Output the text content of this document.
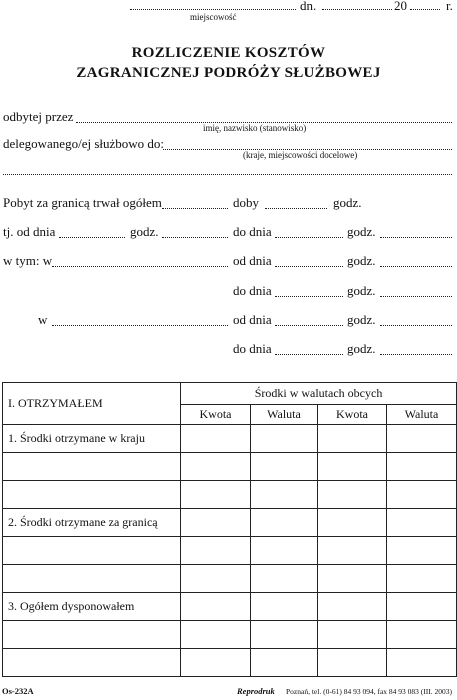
dn.	20	r.
miejscowość
ROZLICZENIE KOSZTÓW
ZAGRANICZNEJ PODRÓŻY SŁUŻBOWEJ
odbytej przez
imię, nazwisko (stanowisko)
delegowanego/ej służbowo do:
(kraje, miejscowości docelowe)
Pobyt za granicą trwał ogółem	doby	godz.
tj. od dnia	godz.	do dnia	godz.
w tym: w	od dnia	godz.
do dnia	godz.
w	od dnia	godz.
do dnia	godz.
I. OTRZYMAŁEM	Środki w walutach obcych			
	Kwota	Waluta	Kwota	Waluta
1. Środki otrzymane w kraju				

2. Środki otrzymane za granicą				

3. Ogółem dysponowałem				

Os-232A	Reprodruk Poznań, tel. (0-61) 84 93 094, fax 84 93 083 (III. 2003)
